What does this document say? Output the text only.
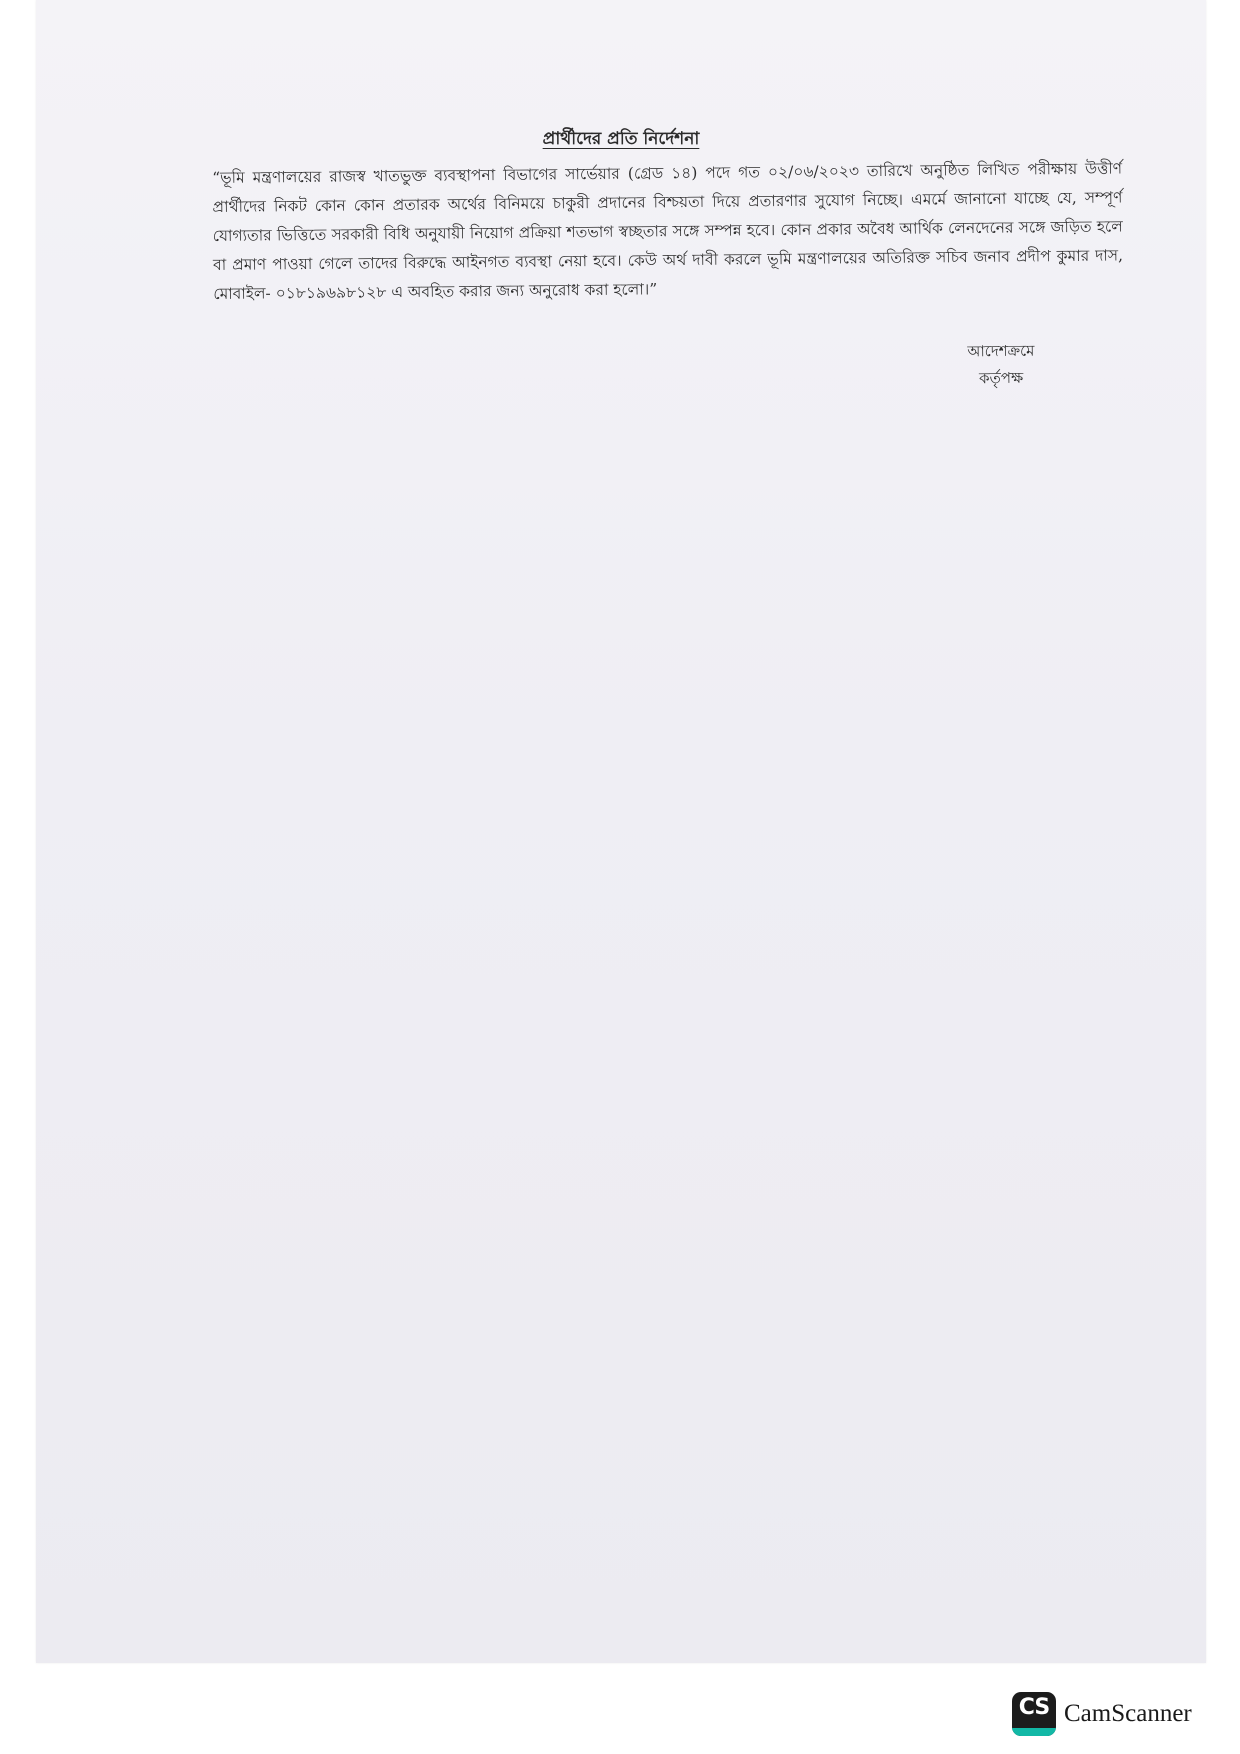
প্রার্থীদের প্রতি নির্দেশনা

“ভূমি মন্ত্রণালয়ের রাজস্ব খাতভুক্ত ব্যবস্থাপনা বিভাগের সার্ভেয়ার (গ্রেড ১৪) পদে গত ০২/০৬/২০২৩ তারিখে অনুষ্ঠিত লিখিত পরীক্ষায় উত্তীর্ণ প্রার্থীদের নিকট কোন কোন প্রতারক অর্থের বিনিময়ে চাকুরী প্রদানের বিশ্চয়তা দিয়ে প্রতারণার সুযোগ নিচ্ছে। এমর্মে জানানো যাচ্ছে যে, সম্পূর্ণ যোগ্যতার ভিত্তিতে সরকারী বিধি অনুযায়ী নিয়োগ প্রক্রিয়া শতভাগ স্বচ্ছতার সঙ্গে সম্পন্ন হবে। কোন প্রকার অবৈধ আর্থিক লেনদেনের সঙ্গে জড়িত হলে বা প্রমাণ পাওয়া গেলে তাদের বিরুদ্ধে আইনগত ব্যবস্থা নেয়া হবে। কেউ অর্থ দাবী করলে ভূমি মন্ত্রণালয়ের অতিরিক্ত সচিব জনাব প্রদীপ কুমার দাস, মোবাইল- ০১৮১৯৬৯৮১২৮ এ অবহিত করার জন্য অনুরোধ করা হলো।”

আদেশক্রমে
কর্তৃপক্ষ
CS CamScanner
